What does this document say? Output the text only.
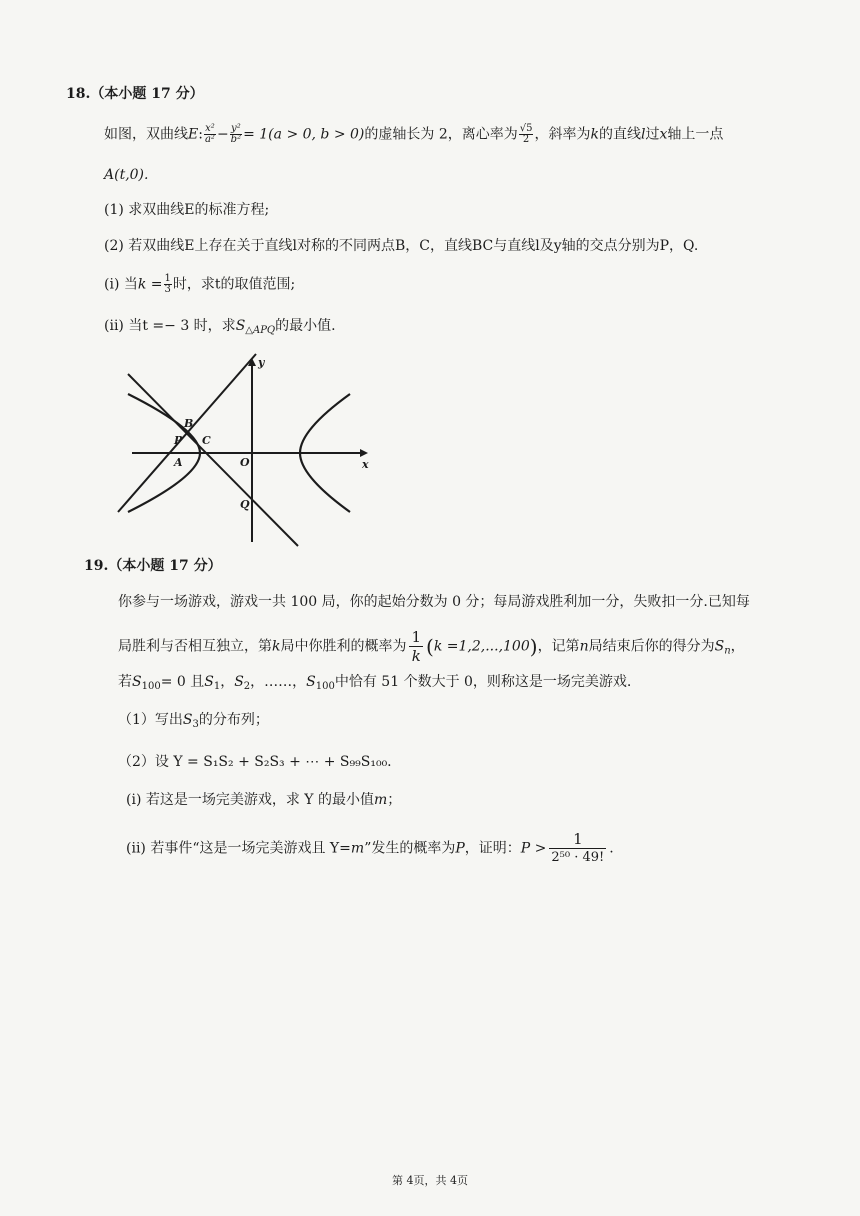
18.（本小题 17 分）
如图，双曲线E: $\frac{\text{x²}}{\text{a²}} - \frac{\text{y²}}{\text{b²}} = 1(a > 0$, b > 0)的虚轴长为 2，离心率为 $\frac{√5}{2}$ ，斜率为k的直线l过x轴上一点
A(t,0).
(1) 求双曲线E的标准方程;
(2) 若双曲线E上存在关于直线l对称的不同两点B，C，直线BC与直线l及y轴的交点分别为P，Q.
(i) 当$k = \frac{1}{3}$ 时，求t的取值范围;
(ii) 当t =− 3 时，求$S_{\triangle APQ}$的最小值.
B
P C
A	O
Q
y
x
19.（本小题 17 分）
你参与一场游戏，游戏一共 100 局，你的起始分数为 0 分；每局游戏胜利加一分，失败扣一分.已知每
局胜利与否相互独立，第k局中你胜利的概率为 $\frac{1}{k} (k =1,2,...,100)$，记第n局结束后你的得分为$S_n$，
若$S_{100}= 0$ 且$S_1$，$S_2$，……，$S_{100}$中恰有 51 个数大于 0，则称这是一场完美游戏.
（1）写出$S_3$的分布列；
（2）设 Y = S₁S₂ + S₂S₃ + ⋯ + S₉₉S₁₀₀.
(i) 若这是一场完美游戏，求 Y 的最小值m；
(ii) 若事件“这是一场完美游戏且 Y=m”发生的概率为P，证明：$P > \frac{1}{\text{2⁵⁰ · 49!}}$ .
第 4页，共 4页
